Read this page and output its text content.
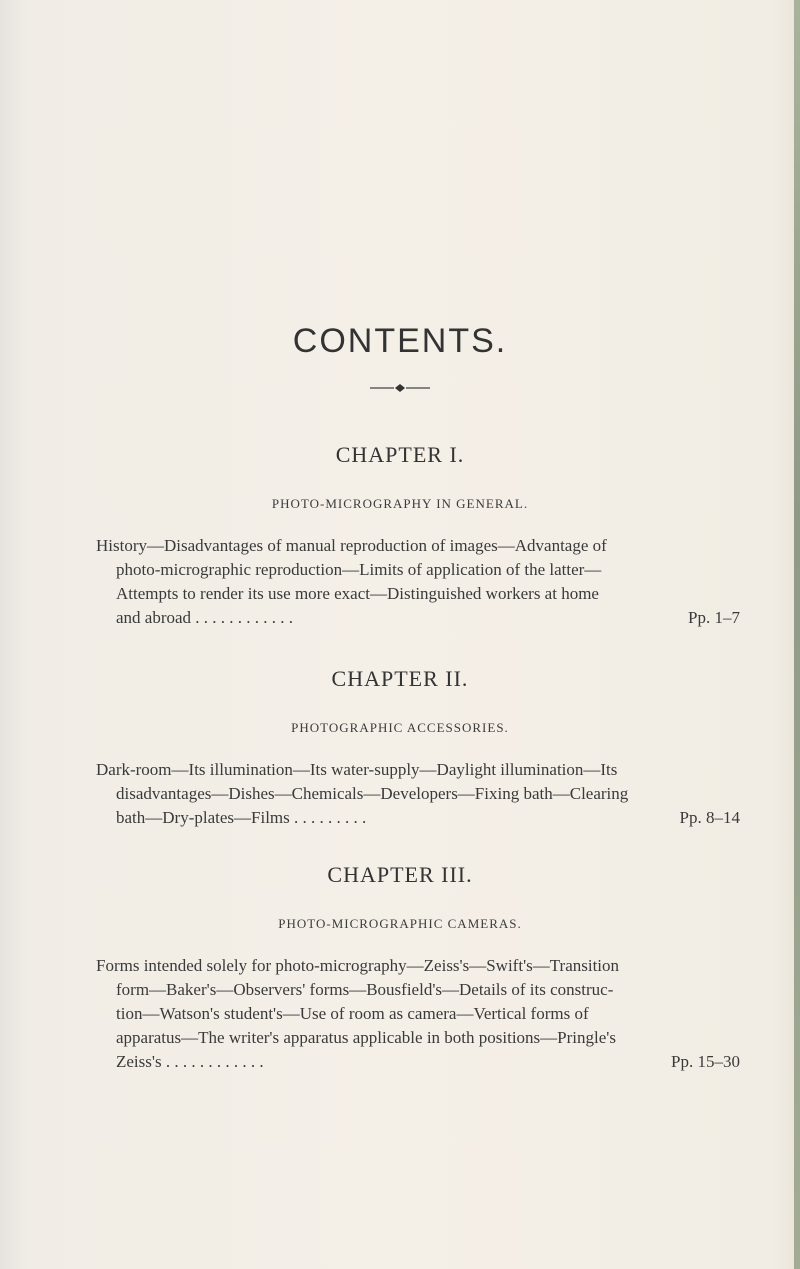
CONTENTS.
CHAPTER I.
PHOTO-MICROGRAPHY IN GENERAL.
History—Disadvantages of manual reproduction of images—Advantage of
photo-micrographic reproduction—Limits of application of the latter—
Attempts to render its use more exact—Distinguished workers at home
and abroad . . . . . . . . . . . .	Pp. 1–7
CHAPTER II.
PHOTOGRAPHIC ACCESSORIES.
Dark-room—Its illumination—Its water-supply—Daylight illumination—Its
disadvantages—Dishes—Chemicals—Developers—Fixing bath—Clearing
bath—Dry-plates—Films . . . . . . . . .	Pp. 8–14
CHAPTER III.
PHOTO-MICROGRAPHIC CAMERAS.
Forms intended solely for photo-micrography—Zeiss's—Swift's—Transition
form—Baker's—Observers' forms—Bousfield's—Details of its construc-
tion—Watson's student's—Use of room as camera—Vertical forms of
apparatus—The writer's apparatus applicable in both positions—Pringle's
Zeiss's . . . . . . . . . . . .	Pp. 15–30
